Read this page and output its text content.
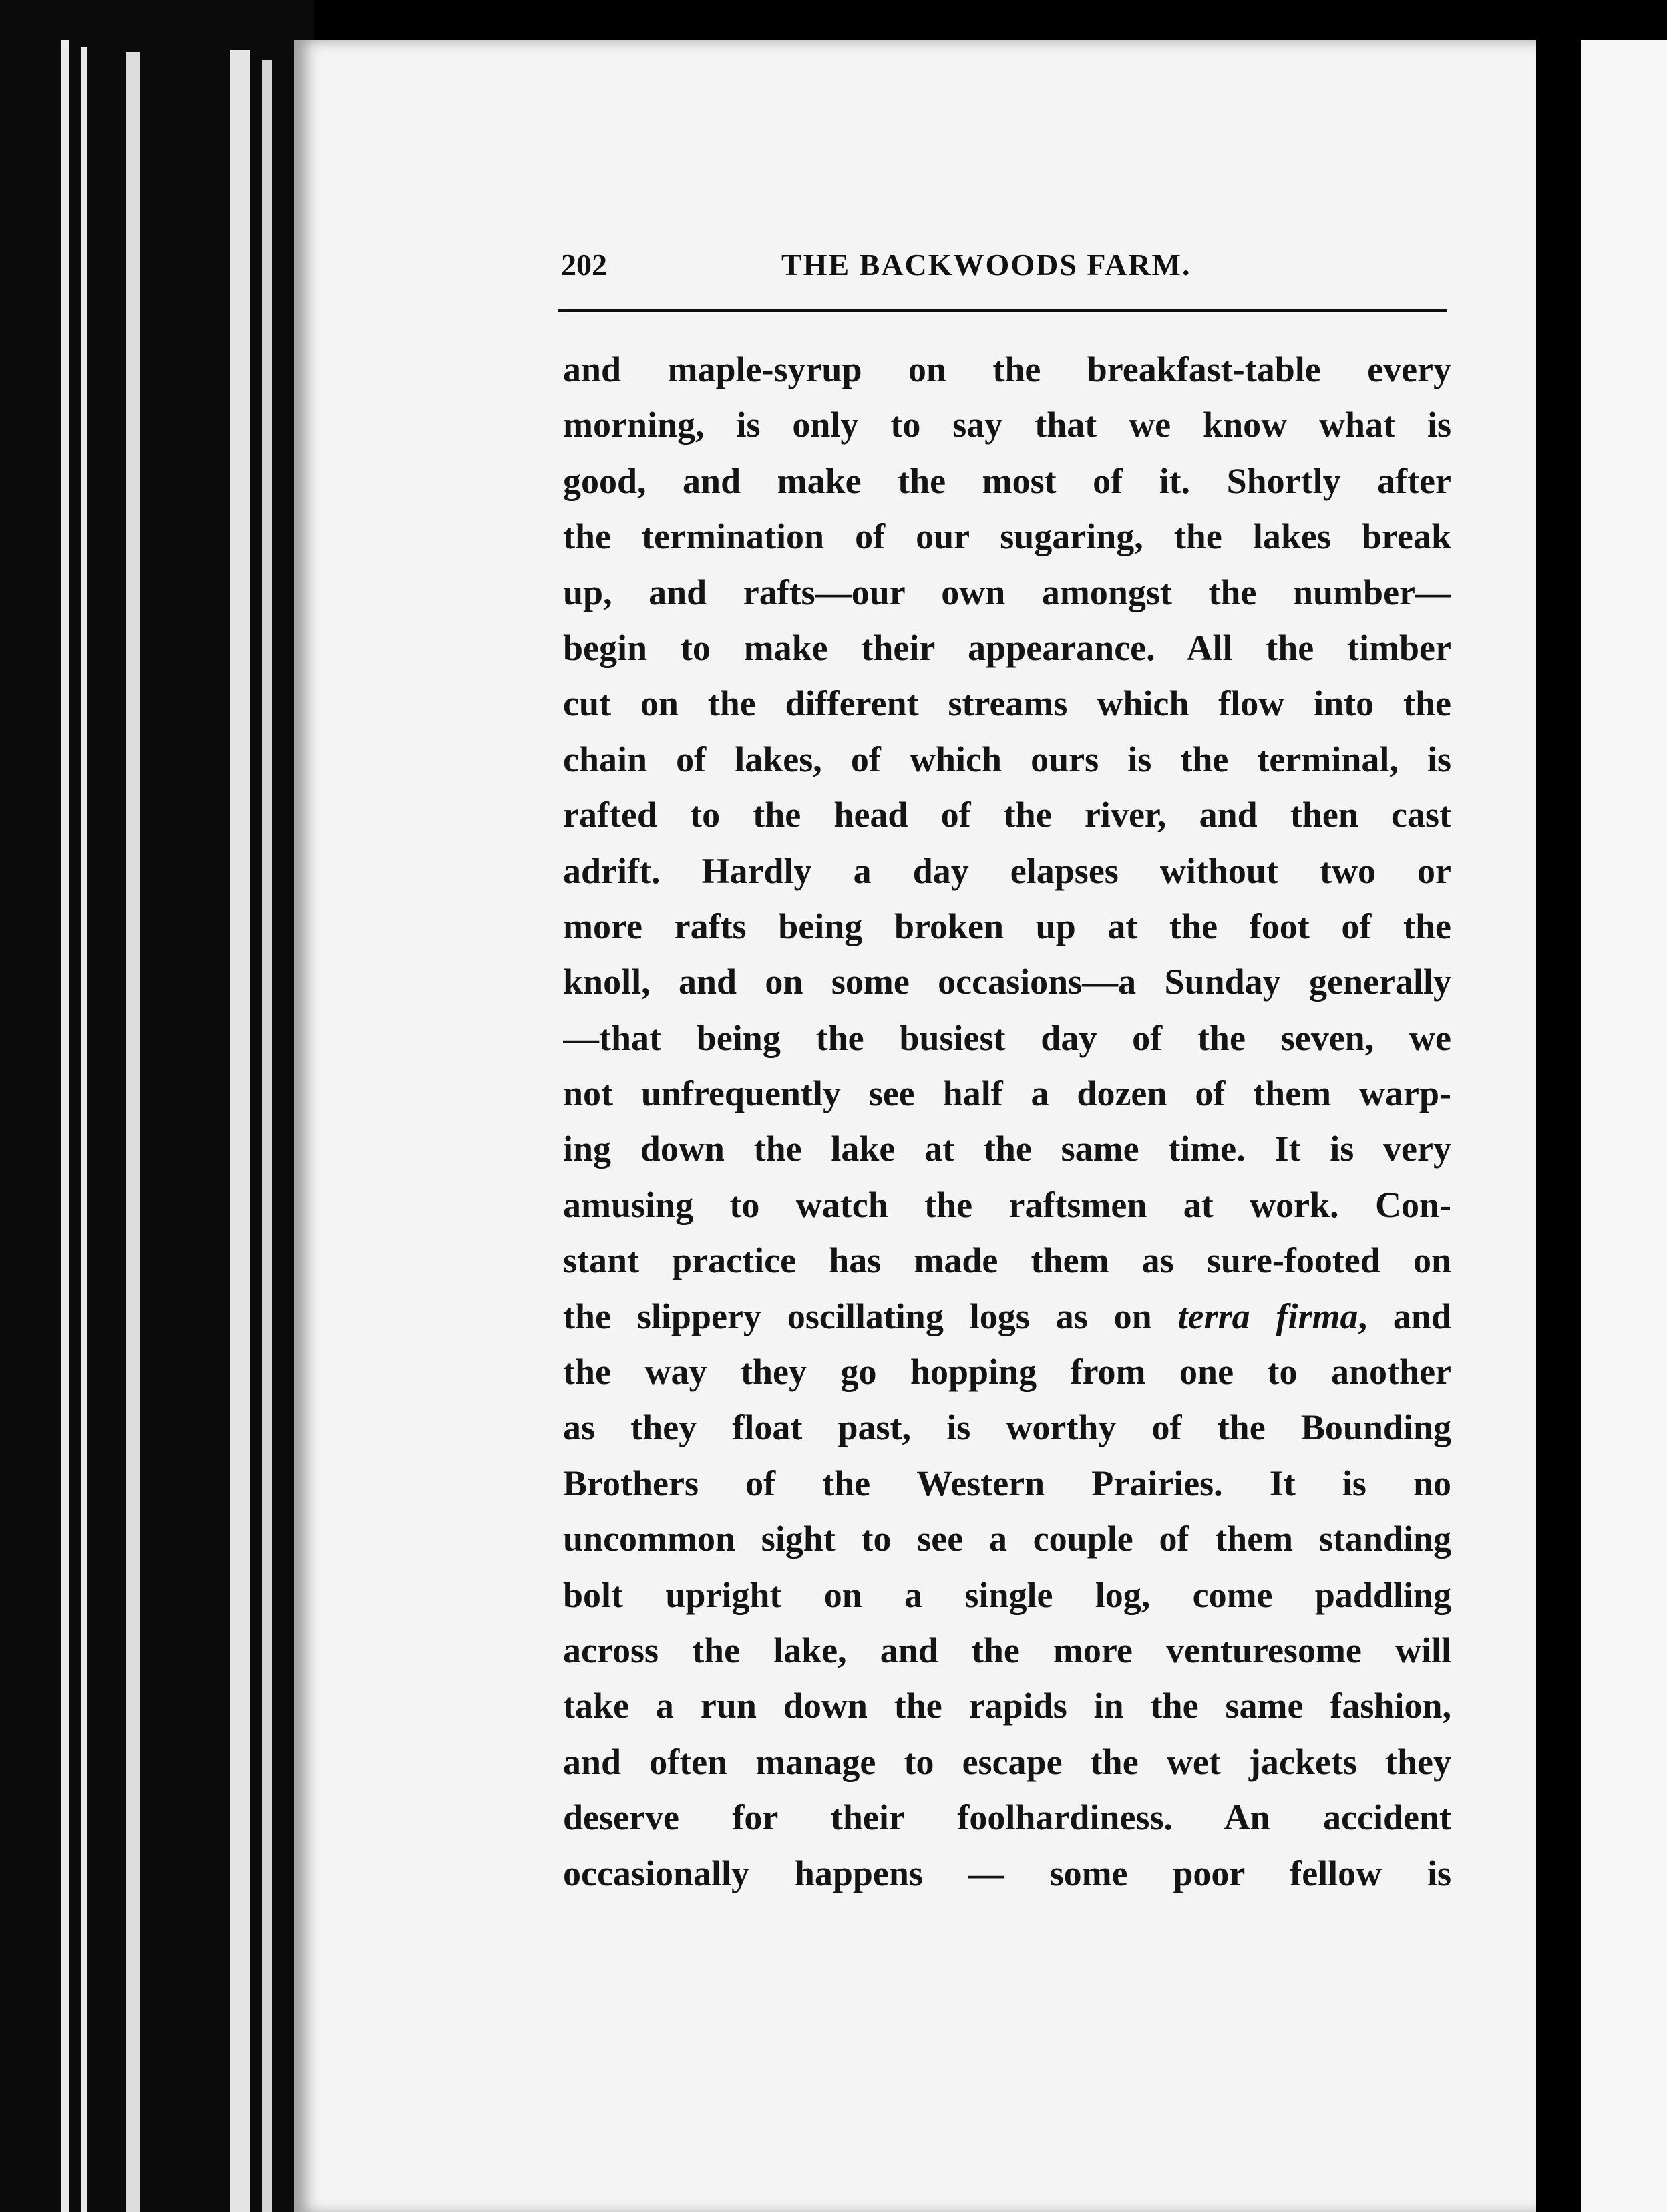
202	THE BACKWOODS FARM.
and maple-syrup on the breakfast-table every
morning, is only to say that we know what is
good, and make the most of it. Shortly after
the termination of our sugaring, the lakes break
up, and rafts—our own amongst the number—
begin to make their appearance. All the timber
cut on the different streams which flow into the
chain of lakes, of which ours is the terminal, is
rafted to the head of the river, and then cast
adrift. Hardly a day elapses without two or
more rafts being broken up at the foot of the
knoll, and on some occasions—a Sunday generally
—that being the busiest day of the seven, we
not unfrequently see half a dozen of them warp-
ing down the lake at the same time. It is very
amusing to watch the raftsmen at work. Con-
stant practice has made them as sure-footed on
the slippery oscillating logs as on terra firma, and
the way they go hopping from one to another
as they float past, is worthy of the Bounding
Brothers of the Western Prairies. It is no
uncommon sight to see a couple of them standing
bolt upright on a single log, come paddling
across the lake, and the more venturesome will
take a run down the rapids in the same fashion,
and often manage to escape the wet jackets they
deserve for their foolhardiness. An accident
occasionally happens — some poor fellow is
